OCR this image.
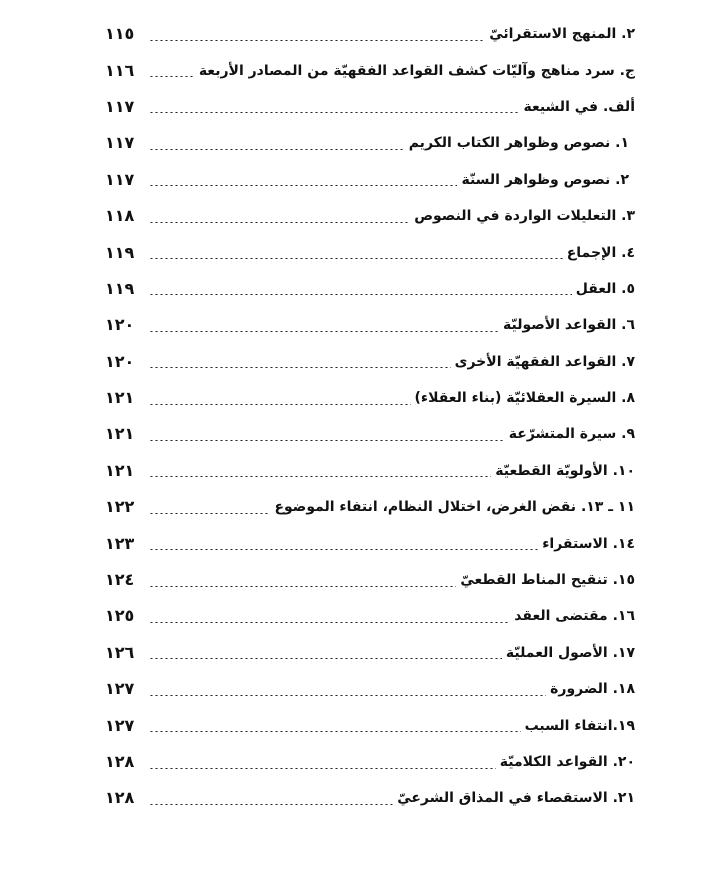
٢. المنهج الاستقرائيّ
١١٥
ج. سرد مناهج وآليّات كشف القواعد الفقهيّة من المصادر الأربعة
١١٦
ألف. في الشيعة
١١٧
١. نصوص وظواهر الكتاب الكريم
١١٧
٢. نصوص وظواهر السنّة
١١٧
٣. التعليلات الواردة في النصوص
١١٨
٤. الإجماع
١١٩
٥. العقل
١١٩
٦. القواعد الأصوليّة
١٢٠
٧. القواعد الفقهيّة الأخرى
١٢٠
٨. السيرة العقلائيّة (بناء العقلاء)
١٢١
٩. سيرة المتشرّعة
١٢١
١٠. الأولويّة القطعيّة
١٢١
١١ ـ ١٣. نقض الغرض، اختلال النظام، انتفاء الموضوع
١٢٢
١٤. الاستقراء
١٢٣
١٥. تنقيح المناط القطعيّ
١٢٤
١٦. مقتضى العقد
١٢٥
١٧. الأصول العمليّة
١٢٦
١٨. الضرورة
١٢٧
١٩.انتفاء السبب
١٢٧
٢٠. القواعد الكلاميّة
١٢٨
٢١. الاستقصاء في المذاق الشرعيّ
١٢٨
